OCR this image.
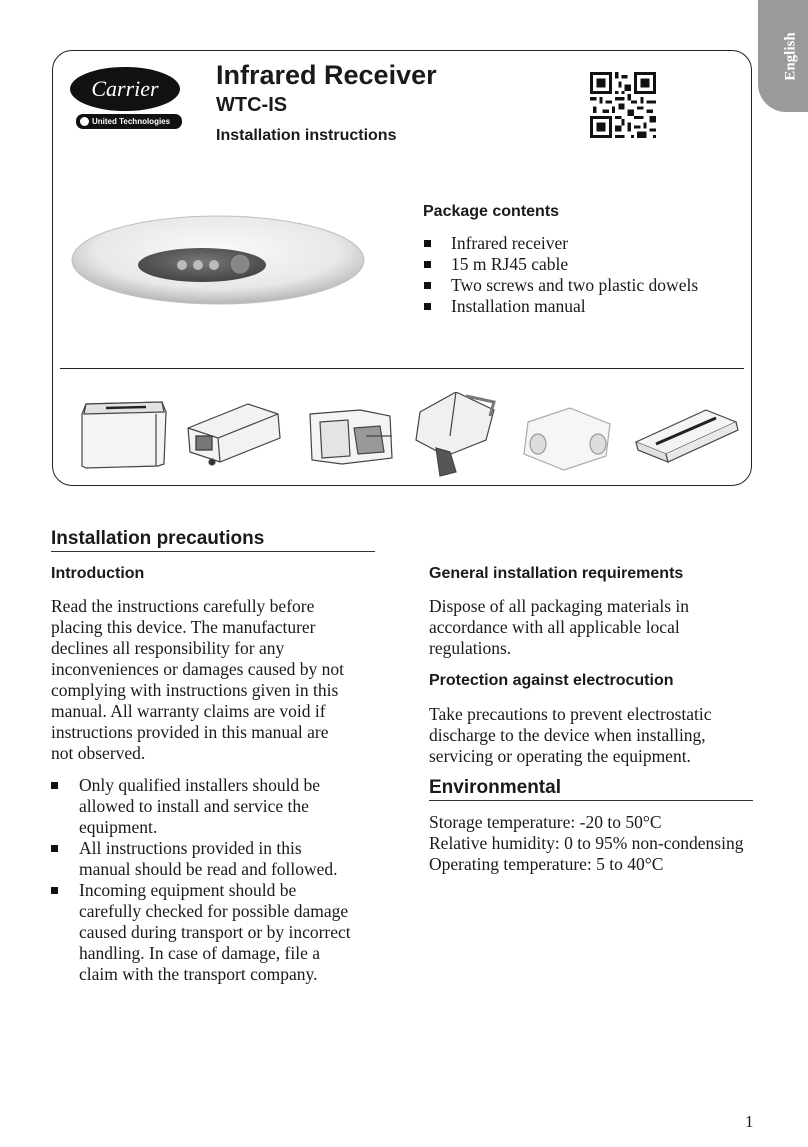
English
Carrier
United Technologies
Infrared Receiver
WTC-IS
Installation instructions
Package contents
Infrared receiver
15 m RJ45 cable
Two screws and two plastic dowels
Installation manual
Installation precautions
Introduction
Read the instructions carefully before
placing this device. The manufacturer
declines all responsibility for any
inconveniences or damages caused by not
complying with instructions given in this
manual. All warranty claims are void if
instructions provided in this manual are
not observed.
Only qualified installers should be
allowed to install and service the
equipment.
All instructions provided in this
manual should be read and followed.
Incoming equipment should be
carefully checked for possible damage
caused during transport or by incorrect
handling. In case of damage, file a
claim with the transport company.
General installation requirements
Dispose of all packaging materials in
accordance with all applicable local
regulations.
Protection against electrocution
Take precautions to prevent electrostatic
discharge to the device when installing,
servicing or operating the equipment.
Environmental
Storage temperature: -20 to 50°C
Relative humidity: 0 to 95% non-condensing
Operating temperature: 5 to 40°C
1
